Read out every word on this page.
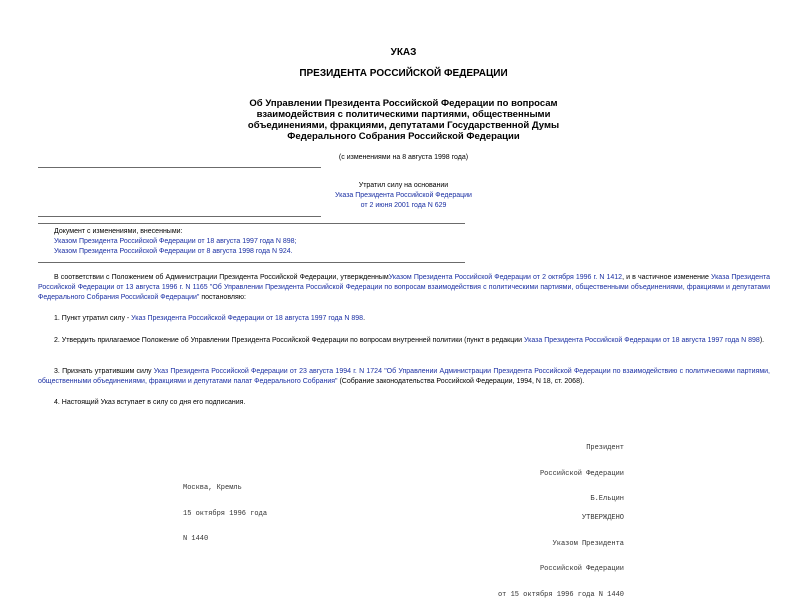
УКАЗ
ПРЕЗИДЕНТА РОССИЙСКОЙ ФЕДЕРАЦИИ
Об Управлении Президента Российской Федерации по вопросам
взаимодействия с политическими партиями, общественными
объединениями, фракциями, депутатами Государственной Думы
Федерального Собрания Российской Федерации
(с изменениями на 8 августа 1998 года)
Утратил силу на основании
Указа Президента Российской Федерации
от 2 июня 2001 года N 629
Документ с изменениями, внесенными:
Указом Президента Российской Федерации от 18 августа 1997 года N 898;
Указом Президента Российской Федерации от 8 августа 1998 года N 924.

В соответствии с Положением об Администрации Президента Российской Федерации, утвержденнымУказом Президента Российской Федерации от 2 октября 1996 г. N 1412, и в частичное изменение Указа Президента Российской Федерации от 13 августа 1996 г. N 1165 "Об Управлении Президента Российской Федерации по вопросам взаимодействия с политическими партиями, общественными объединениями, фракциями и депутатами Федерального Собрания Российской Федерации" постановляю:

1. Пункт утратил силу - Указ Президента Российской Федерации от 18 августа 1997 года N 898.

2. Утвердить прилагаемое Положение об Управлении Президента Российской Федерации по вопросам внутренней политики (пункт в редакции Указа Президента Российской Федерации от 18 августа 1997 года N 898).

3. Признать утратившим силу Указ Президента Российской Федерации от 23 августа 1994 г. N 1724 "Об Управлении Администрации Президента Российской Федерации по взаимодействию с политическими партиями, общественными объединениями, фракциями и депутатами палат Федерального Собрания" (Собрание законодательства Российской Федерации, 1994, N 18, ст. 2068).

4. Настоящий Указ вступает в силу со дня его подписания.

Президент

Российской Федерации

Б.Ельцин

Москва, Кремль

15 октября 1996 года

N 1440

УТВЕРЖДЕНО

Указом Президента

Российской Федерации

от 15 октября 1996 года N 1440
